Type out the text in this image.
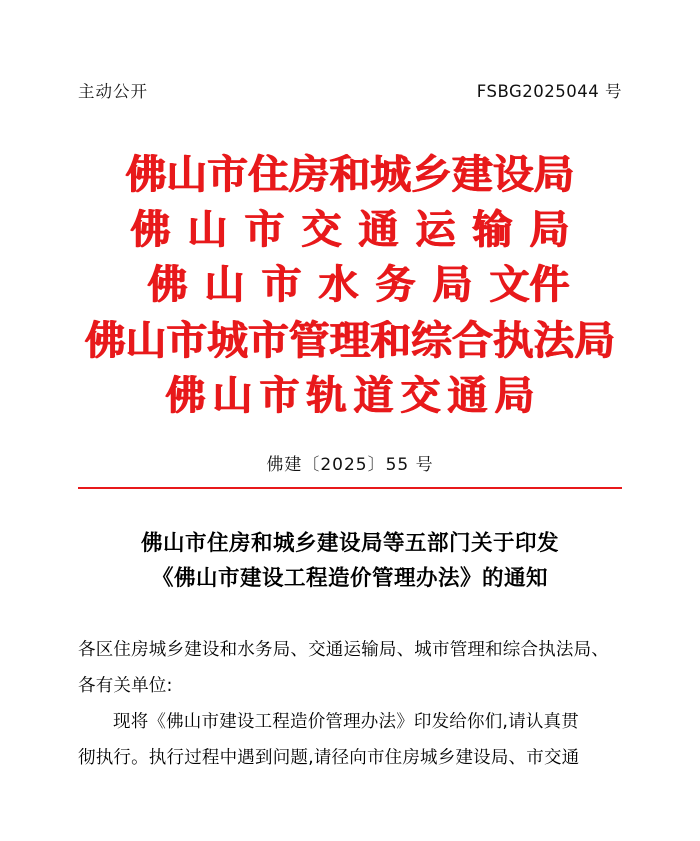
主动公开	FSBG2025044 号
佛山市住房和城乡建设局
佛山市交通运输局
佛山市水务局文件
佛山市城市管理和综合执法局
佛山市轨道交通局
佛建〔2025〕55 号
佛山市住房和城乡建设局等五部门关于印发
《佛山市建设工程造价管理办法》的通知

各区住房城乡建设和水务局、交通运输局、城市管理和综合执法局、

各有关单位:

现将《佛山市建设工程造价管理办法》印发给你们,请认真贯

彻执行。执行过程中遇到问题,请径向市住房城乡建设局、市交通
